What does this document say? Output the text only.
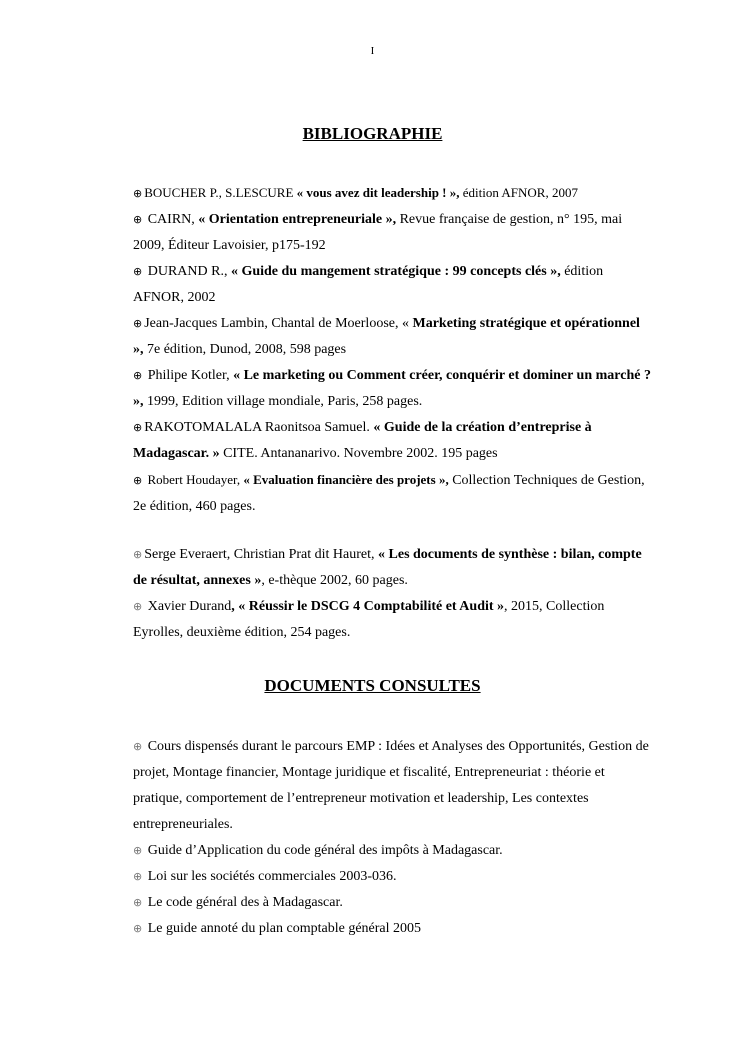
I
BIBLIOGRAPHIE

⊕ BOUCHER P., S.LESCURE « vous avez dit leadership ! », édition AFNOR, 2007

⊕ CAIRN, « Orientation entrepreneuriale », Revue française de gestion, n° 195, mai 2009, Éditeur Lavoisier, p175-192

⊕ DURAND R., « Guide du mangement stratégique : 99 concepts clés », édition AFNOR, 2002

⊕ Jean-Jacques Lambin, Chantal de Moerloose, « Marketing stratégique et opérationnel », 7e édition, Dunod, 2008, 598 pages

⊕ Philipe Kotler, « Le marketing ou Comment créer, conquérir et dominer un marché ? », 1999, Edition village mondiale, Paris, 258 pages.

⊕ RAKOTOMALALA Raonitsoa Samuel. « Guide de la création d’entreprise à Madagascar. » CITE. Antananarivo. Novembre 2002. 195 pages

⊕ Robert Houdayer, « Evaluation financière des projets », Collection Techniques de Gestion, 2e édition, 460 pages.

⊕ Serge Everaert, Christian Prat dit Hauret, « Les documents de synthèse : bilan, compte de résultat, annexes », e-thèque 2002, 60 pages.

⊕ Xavier Durand, « Réussir le DSCG 4 Comptabilité et Audit », 2015, Collection Eyrolles, deuxième édition, 254 pages.

DOCUMENTS CONSULTES

⊕ Cours dispensés durant le parcours EMP : Idées et Analyses des Opportunités, Gestion de projet, Montage financier, Montage juridique et fiscalité, Entrepreneuriat : théorie et pratique, comportement de l’entrepreneur motivation et leadership, Les contextes entrepreneuriales.

⊕ Guide d’Application du code général des impôts à Madagascar.

⊕ Loi sur les sociétés commerciales 2003-036.

⊕ Le code général des à Madagascar.

⊕ Le guide annoté du plan comptable général 2005
